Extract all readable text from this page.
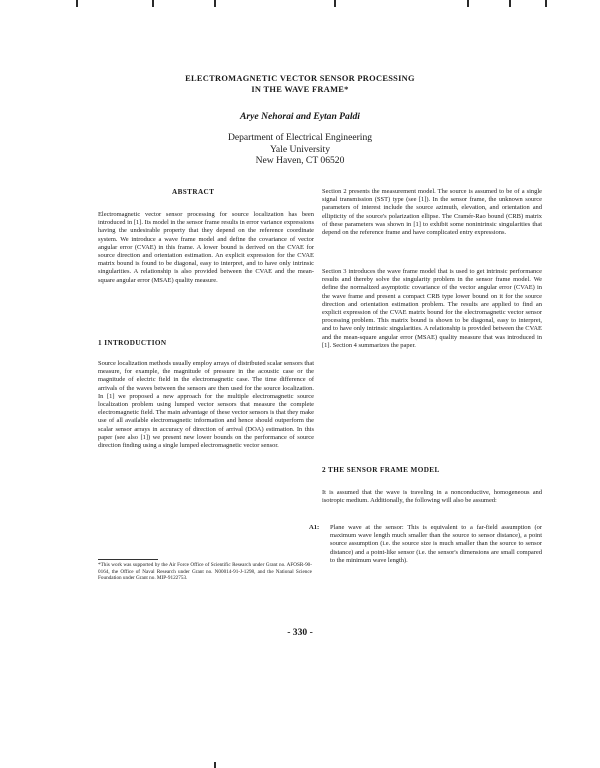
ELECTROMAGNETIC VECTOR SENSOR PROCESSING
IN THE WAVE FRAME*
Arye Nehorai and Eytan Paldi
Department of Electrical Engineering
Yale University
New Haven, CT 06520
ABSTRACT

Electromagnetic vector sensor processing for source localization has been introduced in [1]. Its model in the sensor frame results in error variance expressions having the undesirable property that they depend on the reference coordinate system. We introduce a wave frame model and define the covariance of vector angular error (CVAE) in this frame. A lower bound is derived on the CVAE for source direction and orientation estimation. An explicit expression for the CVAE matrix bound is found to be diagonal, easy to interpret, and to have only intrinsic singularities. A relationship is also provided between the CVAE and the mean-square angular error (MSAE) quality measure.

1 INTRODUCTION

Source localization methods usually employ arrays of distributed scalar sensors that measure, for example, the magnitude of pressure in the acoustic case or the magnitude of electric field in the electromagnetic case. The time difference of arrivals of the waves between the sensors are then used for the source localization. In [1] we proposed a new approach for the multiple electromagnetic source localization problem using lumped vector sensors that measure the complete electromagnetic field. The main advantage of these vector sensors is that they make use of all available electromagnetic information and hence should outperform the scalar sensor arrays in accuracy of direction of arrival (DOA) estimation. In this paper (see also [1]) we present new lower bounds on the performance of source direction finding using a single lumped electromagnetic vector sensor.

*This work was supported by the Air Force Office of Scientific Research under Grant no. AFOSR-90-0164, the Office of Naval Research under Grant no. N00014-91-J-1298, and the National Science Foundation under Grant no. MIP-9122753.

Section 2 presents the measurement model. The source is assumed to be of a single signal transmission (SST) type (see [1]). In the sensor frame, the unknown source parameters of interest include the source azimuth, elevation, and orientation and ellipticity of the source's polarization ellipse. The Cramér-Rao bound (CRB) matrix of these parameters was shown in [1] to exhibit some nonintrinsic singularities that depend on the reference frame and have complicated entry expressions.

Section 3 introduces the wave frame model that is used to get intrinsic performance results and thereby solve the singularity problem in the sensor frame model. We define the normalized asymptotic covariance of the vector angular error (CVAE) in the wave frame and present a compact CRB type lower bound on it for the source direction and orientation estimation problem. The results are applied to find an explicit expression of the CVAE matrix bound for the electromagnetic vector sensor processing problem. This matrix bound is shown to be diagonal, easy to interpret, and to have only intrinsic singularities. A relationship is provided between the CVAE and the mean-square angular error (MSAE) quality measure that was introduced in [1]. Section 4 summarizes the paper.

2 THE SENSOR FRAME MODEL

It is assumed that the wave is traveling in a nonconductive, homogeneous and isotropic medium. Additionally, the following will also be assumed:

A1: Plane wave at the sensor: This is equivalent to a far-field assumption (or maximum wave length much smaller than the source to sensor distance), a point source assumption (i.e. the source size is much smaller than the source to sensor distance) and a point-like sensor (i.e. the sensor's dimensions are small compared to the minimum wave length).

- 330 -
